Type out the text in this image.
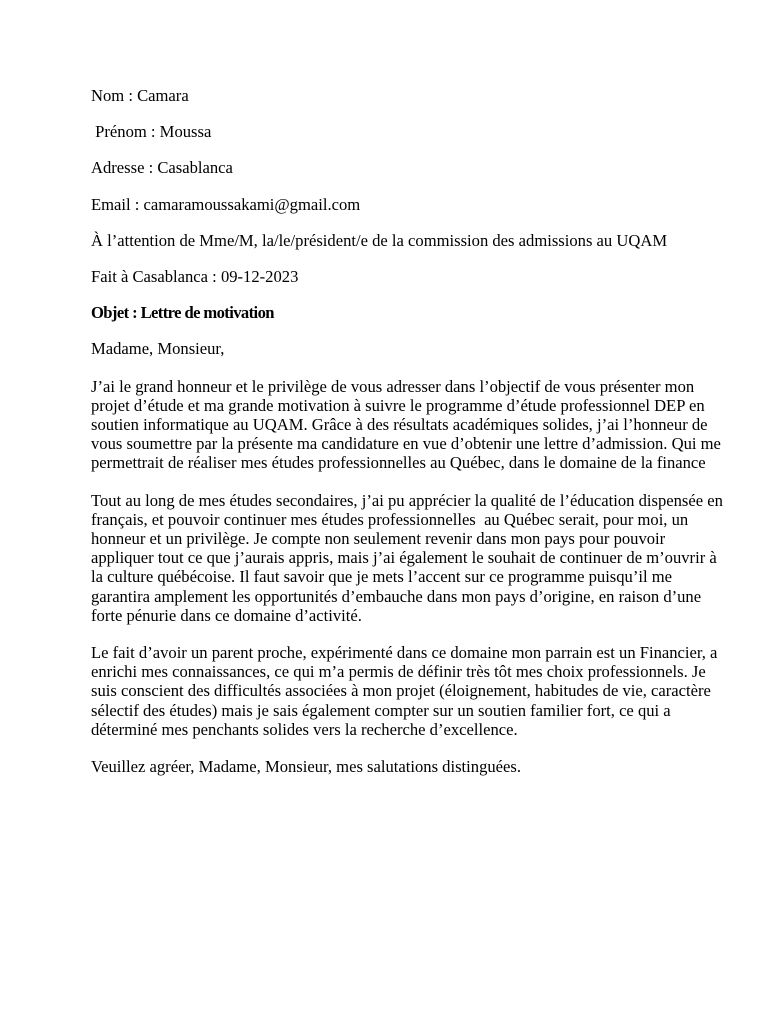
Nom : Camara

Prénom : Moussa

Adresse : Casablanca

Email : camaramoussakami@gmail.com

À l’attention de Mme/M, la/le/président/e de la commission des admissions au UQAM

Fait à Casablanca : 09-12-2023

Objet : Lettre de motivation

Madame, Monsieur,

J’ai le grand honneur et le privilège de vous adresser dans l’objectif de vous présenter mon projet d’étude et ma grande motivation à suivre le programme d’étude professionnel DEP en soutien informatique au UQAM. Grâce à des résultats académiques solides, j’ai l’honneur de vous soumettre par la présente ma candidature en vue d’obtenir une lettre d’admission. Qui me permettrait de réaliser mes études professionnelles au Québec, dans le domaine de la finance

Tout au long de mes études secondaires, j’ai pu apprécier la qualité de l’éducation dispensée en  français, et pouvoir continuer mes études professionnelles  au Québec serait, pour moi, un honneur et un privilège. Je compte non seulement revenir dans mon pays pour pouvoir appliquer tout ce que j’aurais appris, mais j’ai également le souhait de continuer de m’ouvrir à la culture québécoise. Il faut savoir que je mets l’accent sur ce programme puisqu’il me garantira amplement les opportunités d’embauche dans mon pays d’origine, en raison d’une forte pénurie dans ce domaine d’activité.

Le fait d’avoir un parent proche, expérimenté dans ce domaine mon parrain est un Financier, a enrichi mes connaissances, ce qui m’a permis de définir très tôt mes choix professionnels. Je suis conscient des difficultés associées à mon projet (éloignement, habitudes de vie, caractère sélectif des études) mais je sais également compter sur un soutien familier fort, ce qui a déterminé mes penchants solides vers la recherche d’excellence.

Veuillez agréer, Madame, Monsieur, mes salutations distinguées.
